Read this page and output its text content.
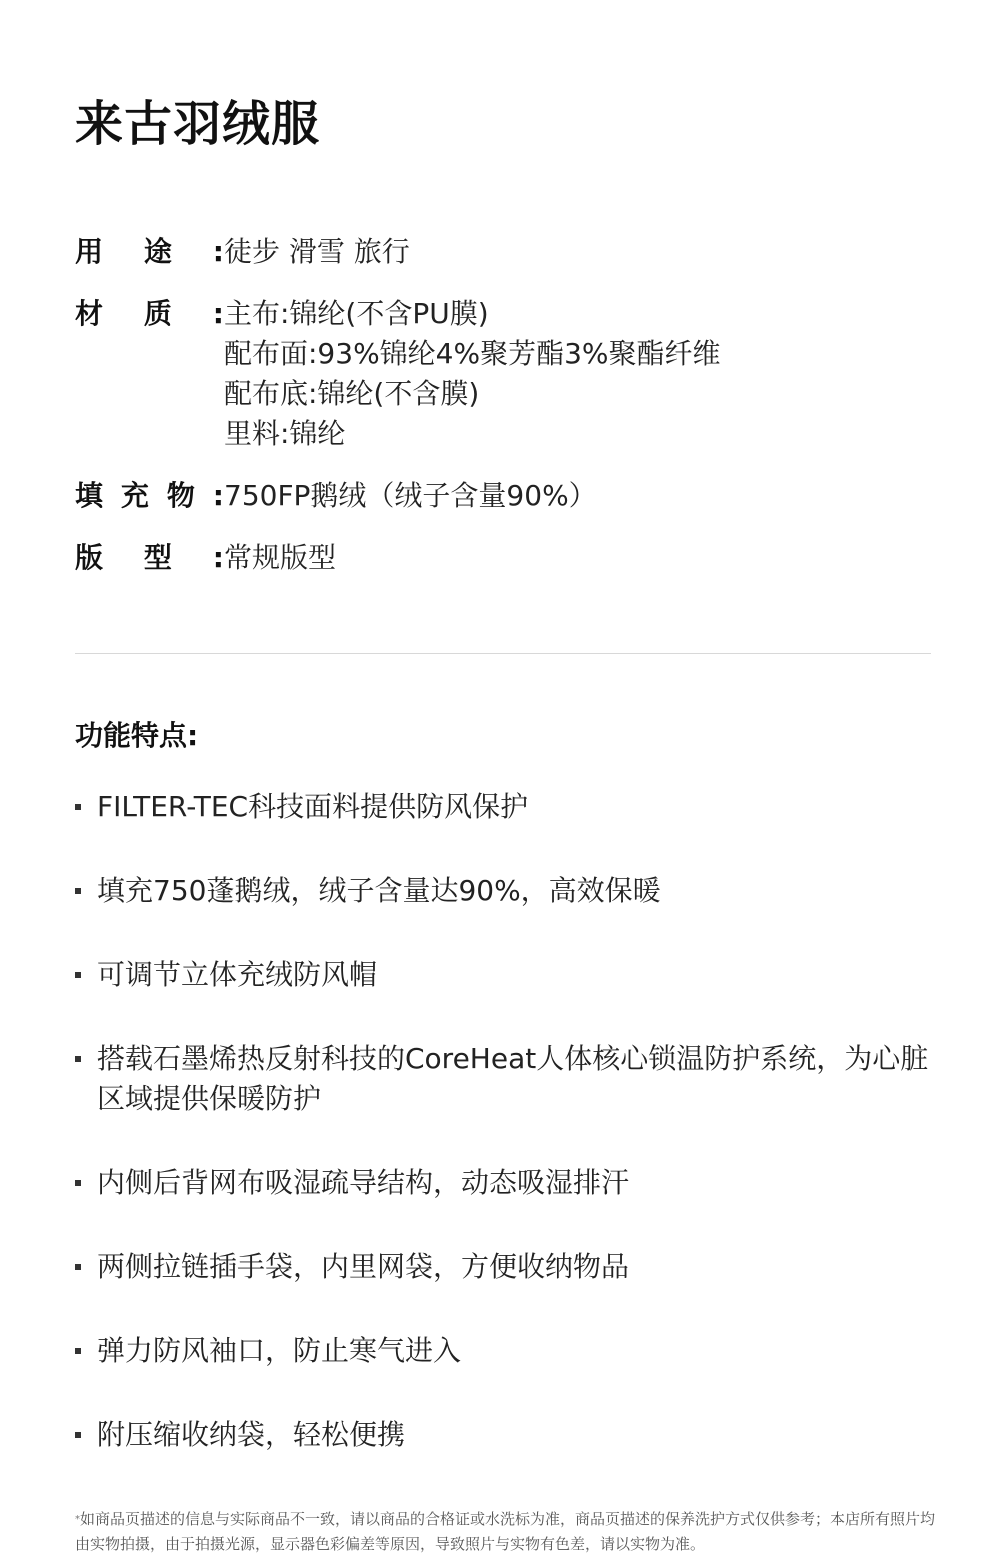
来古羽绒服
用 途 : 徒步 滑雪 旅行
材 质 : 主布:锦纶(不含PU膜)
配布面:93%锦纶4%聚芳酯3%聚酯纤维
配布底:锦纶(不含膜)
里料:锦纶
填 充 物 : 750FP鹅绒（绒子含量90%）
版 型 : 常规版型
功能特点:
FILTER-TEC科技面料提供防风保护
填充750蓬鹅绒，绒子含量达90%，高效保暖
可调节立体充绒防风帽
搭载石墨烯热反射科技的CoreHeat人体核心锁温防护系统，为心脏区域提供保暖防护
内侧后背网布吸湿疏导结构，动态吸湿排汗
两侧拉链插手袋，内里网袋，方便收纳物品
弹力防风袖口，防止寒气进入
附压缩收纳袋，轻松便携
*如商品页描述的信息与实际商品不一致，请以商品的合格证或水洗标为准，商品页描述的保养洗护方式仅供参考；本店所有照片均由实物拍摄，由于拍摄光源，显示器色彩偏差等原因，导致照片与实物有色差，请以实物为准。
